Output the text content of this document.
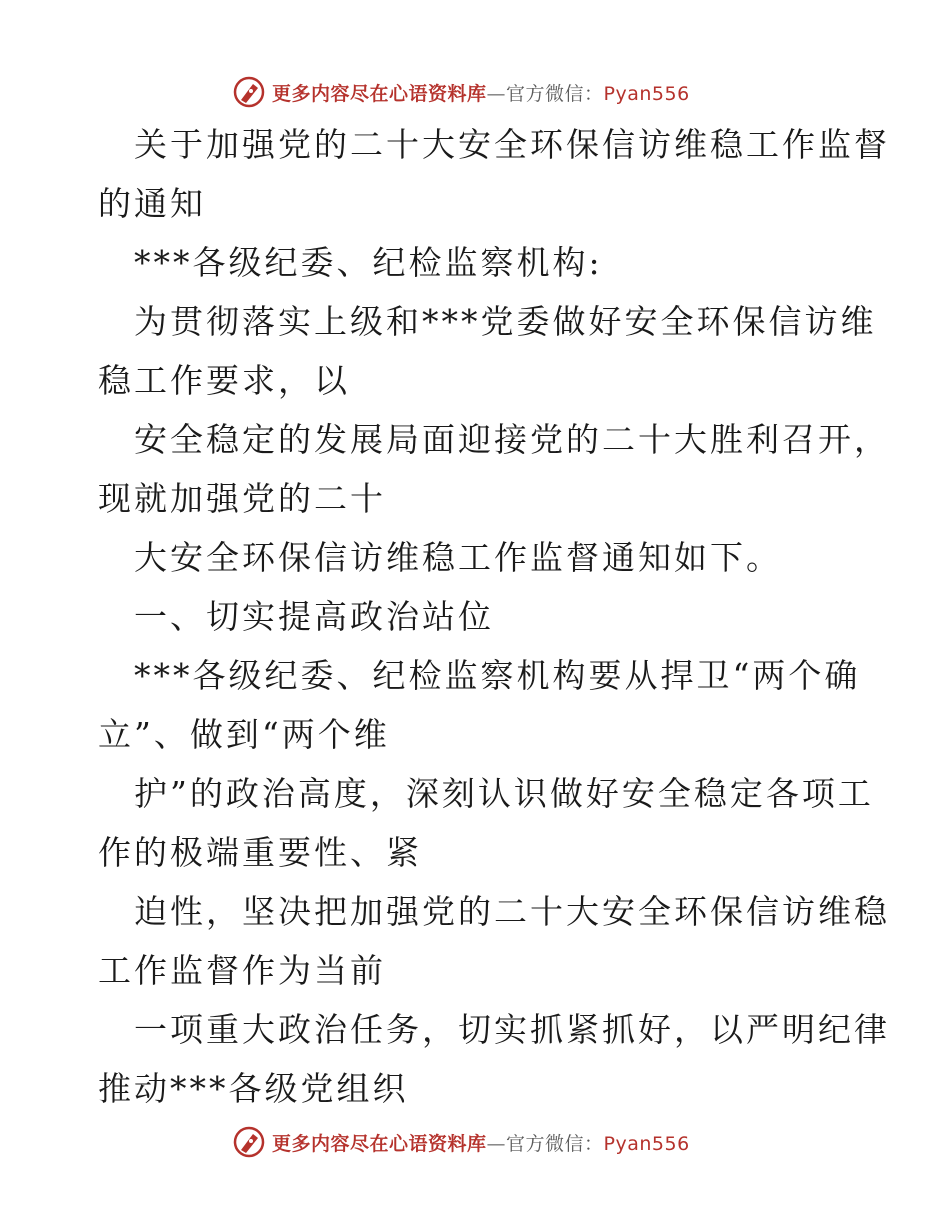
更多内容尽在心语资料库—官方微信：Pyan556

　关于加强党的二十大安全环保信访维稳工作监督

的通知

　***各级纪委、纪检监察机构:

　为贯彻落实上级和***党委做好安全环保信访维

稳工作要求，以

　安全稳定的发展局面迎接党的二十大胜利召开，

现就加强党的二十

　大安全环保信访维稳工作监督通知如下。

　一、切实提高政治站位

　***各级纪委、纪检监察机构要从捍卫“两个确

立”、做到“两个维

　护”的政治高度，深刻认识做好安全稳定各项工

作的极端重要性、紧

　迫性，坚决把加强党的二十大安全环保信访维稳

工作监督作为当前

　一项重大政治任务，切实抓紧抓好，以严明纪律

推动***各级党组织

更多内容尽在心语资料库—官方微信：Pyan556
